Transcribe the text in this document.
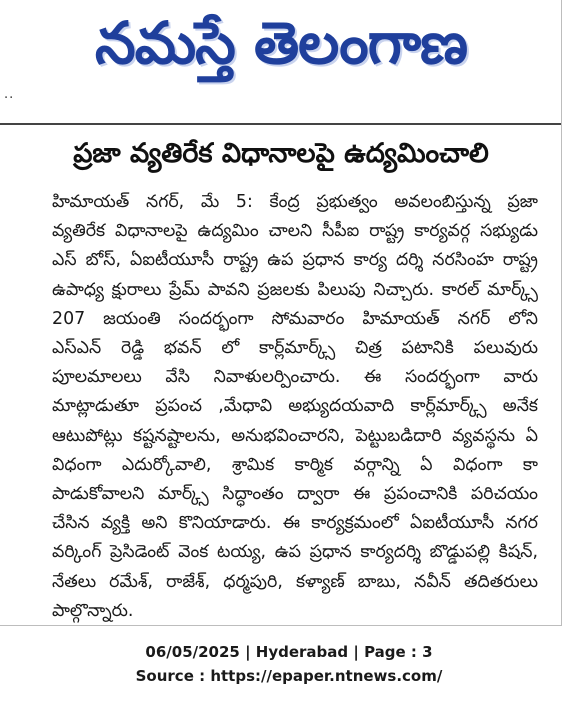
నమస్తే తెలంగాణ
..
ప్రజా వ్యతిరేక విధానాలపై ఉద్యమించాలి
హిమాయత్ నగర్, మే 5: కేంద్ర ప్రభుత్వం అవలంబిస్తున్న ప్రజా
వ్యతిరేక విధానాలపై ఉద్యమిం చాలని సీపీఐ రాష్ట్ర కార్యవర్గ సభ్యుడు
ఎస్ బోస్, ఏఐటీయూసీ రాష్ట్ర ఉప ప్రధాన కార్య దర్శి నరసింహ రాష్ట్ర
ఉపాధ్య క్షురాలు ప్రేమ్ పావని ప్రజలకు పిలుపు నిచ్చారు. కారల్ మార్క్స్
207 జయంతి సందర్భంగా సోమవారం హిమాయత్ నగర్ లోని
ఎస్ఎన్ రెడ్డి భవన్ లో కార్ల్‌మార్క్స్ చిత్ర పటానికి పలువురు
పూలమాలలు వేసి నివాళులర్పించారు. ఈ సందర్భంగా వారు
మాట్లాడుతూ ప్రపంచ ,మేధావి అభ్యుదయవాది కార్ల్‌మార్క్స్ అనేక
ఆటుపోట్లు కష్టనష్టాలను, అనుభవించారని, పెట్టుబడిదారి వ్యవస్థను ఏ
విధంగా ఎదుర్కోవాలి, శ్రామిక కార్మిక వర్గాన్ని ఏ విధంగా కా
పాడుకోవాలని మార్క్స్ సిద్ధాంతం ద్వారా ఈ ప్రపంచానికి పరిచయం
చేసిన వ్యక్తి అని కొనియాడారు. ఈ కార్యక్రమంలో ఏఐటీయూసీ నగర
వర్కింగ్ ప్రెసిడెంట్ వెంక టయ్య, ఉప ప్రధాన కార్యదర్శి బొడ్డుపల్లి కిషన్,
నేతలు రమేశ్, రాజేశ్, ధర్మపురి, కళ్యాణ్ బాబు, నవీన్ తదితరులు
పాల్గొన్నారు.
06/05/2025 | Hyderabad | Page : 3
Source : https://epaper.ntnews.com/
